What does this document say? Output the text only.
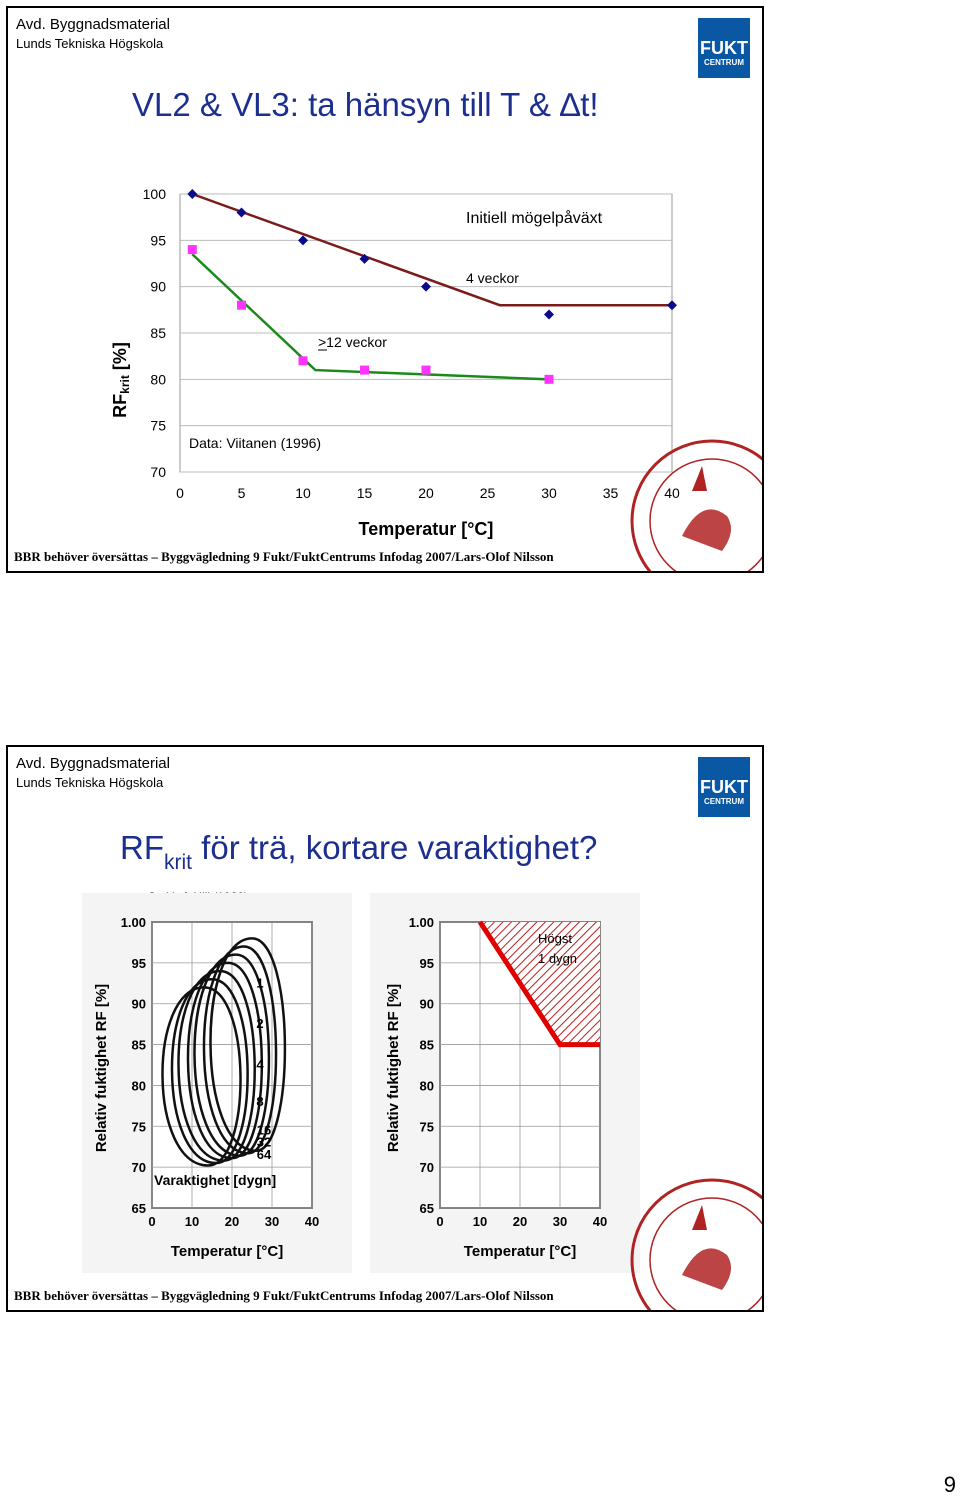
Avd. Byggnadsmaterial
Lunds Tekniska Högskola	FUKT
CENTRUM
VL2 & VL3: ta hänsyn till T & ∆t!
70
75
80
85
90
95
100
0	5	10	15	20	25	30	35	40
Temperatur [°C]
RFkrit [%]
Initiell mögelpåväxt
4 veckor
>12 veckor
Data: Viitanen (1996)
BBR behöver översättas – Byggvägledning 9 Fukt/FuktCentrums Infodag 2007/Lars-Olof Nilsson
Avd. Byggnadsmaterial
Lunds Tekniska Högskola	FUKT
CENTRUM
$RF_{krit}$ för trä, kortare varaktighet?
Smith & Hill (1982)
65
70
75
80
85
90
95
1.00
0 10 20 30 40
1
2
4
8
16
32
64
Temperatur [°C]
Relativ fuktighet RF [%]
Varaktighet [dygn]
Möjlig formulering
65
70
75
80
85
90
95
1.00
0 10 20 30 40
Högst
1 dygn
Temperatur [°C]
Relativ fuktighet RF [%]
BBR behöver översättas – Byggvägledning 9 Fukt/FuktCentrums Infodag 2007/Lars-Olof Nilsson
9
